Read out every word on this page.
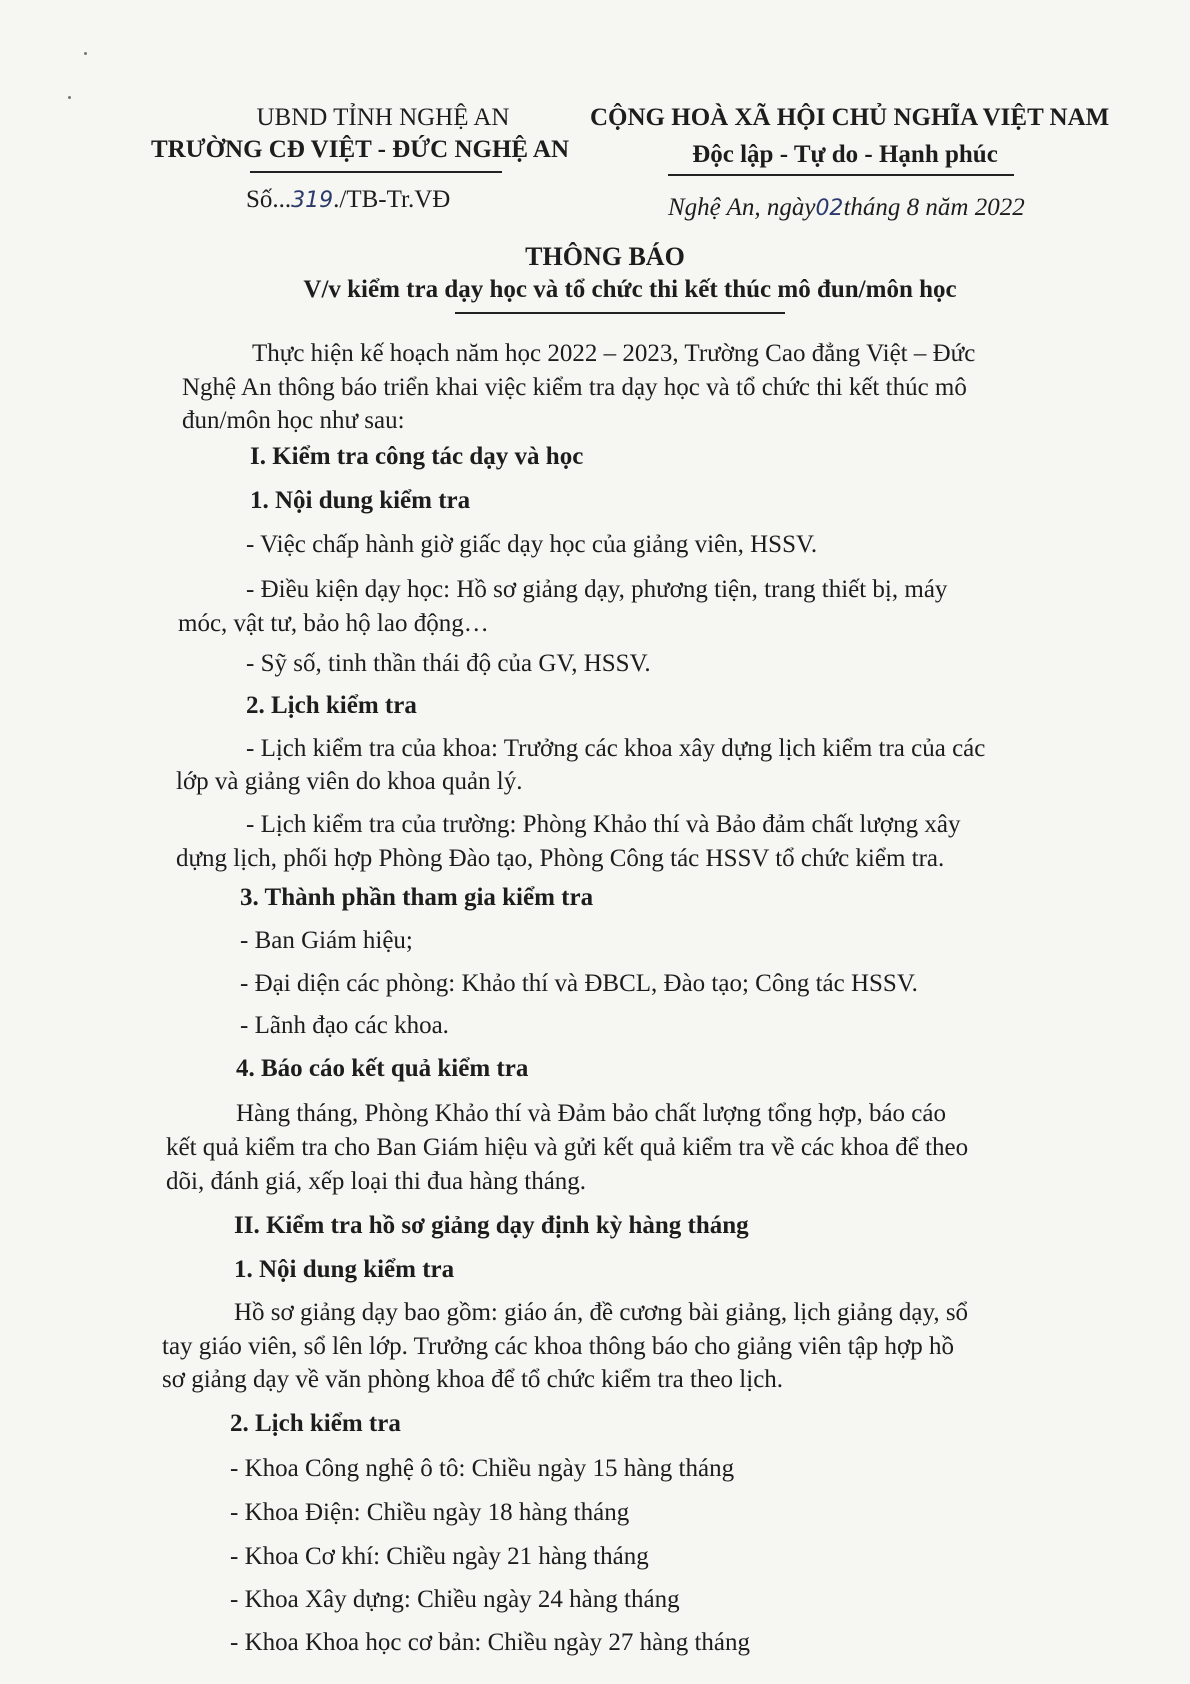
UBND TỈNH NGHỆ AN
TRƯỜNG CĐ VIỆT - ĐỨC NGHỆ AN
CỘNG HOÀ XÃ HỘI CHỦ NGHĨA VIỆT NAM
Độc lập - Tự do - Hạnh phúc
Số...319./TB-Tr.VĐ	Nghệ An, ngày02tháng 8 năm 2022
THÔNG BÁO
V/v kiểm tra dạy học và tổ chức thi kết thúc mô đun/môn học
Thực hiện kế hoạch năm học 2022 – 2023, Trường Cao đẳng Việt – Đức
Nghệ An thông báo triển khai việc kiểm tra dạy học và tổ chức thi kết thúc mô
đun/môn học như sau:
I. Kiểm tra công tác dạy và học
1. Nội dung kiểm tra
- Việc chấp hành giờ giấc dạy học của giảng viên, HSSV.
- Điều kiện dạy học: Hồ sơ giảng dạy, phương tiện, trang thiết bị, máy
móc, vật tư, bảo hộ lao động…
- Sỹ số, tinh thần thái độ của GV, HSSV.
2. Lịch kiểm tra
- Lịch kiểm tra của khoa: Trưởng các khoa xây dựng lịch kiểm tra của các
lớp và giảng viên do khoa quản lý.
- Lịch kiểm tra của trường: Phòng Khảo thí và Bảo đảm chất lượng xây
dựng lịch, phối hợp Phòng Đào tạo, Phòng Công tác HSSV tổ chức kiểm tra.
3. Thành phần tham gia kiểm tra
- Ban Giám hiệu;
- Đại diện các phòng: Khảo thí và ĐBCL, Đào tạo; Công tác HSSV.
- Lãnh đạo các khoa.
4. Báo cáo kết quả kiểm tra
Hàng tháng, Phòng Khảo thí và Đảm bảo chất lượng tổng hợp, báo cáo
kết quả kiểm tra cho Ban Giám hiệu và gửi kết quả kiểm tra về các khoa để theo
dõi, đánh giá, xếp loại thi đua hàng tháng.
II. Kiểm tra hồ sơ giảng dạy định kỳ hàng tháng
1. Nội dung kiểm tra
Hồ sơ giảng dạy bao gồm: giáo án, đề cương bài giảng, lịch giảng dạy, sổ
tay giáo viên, sổ lên lớp. Trưởng các khoa thông báo cho giảng viên tập hợp hồ
sơ giảng dạy về văn phòng khoa để tổ chức kiểm tra theo lịch.
2. Lịch kiểm tra
- Khoa Công nghệ ô tô: Chiều ngày 15 hàng tháng
- Khoa Điện: Chiều ngày 18 hàng tháng
- Khoa Cơ khí: Chiều ngày 21 hàng tháng
- Khoa Xây dựng: Chiều ngày 24 hàng tháng
- Khoa Khoa học cơ bản: Chiều ngày 27 hàng tháng
